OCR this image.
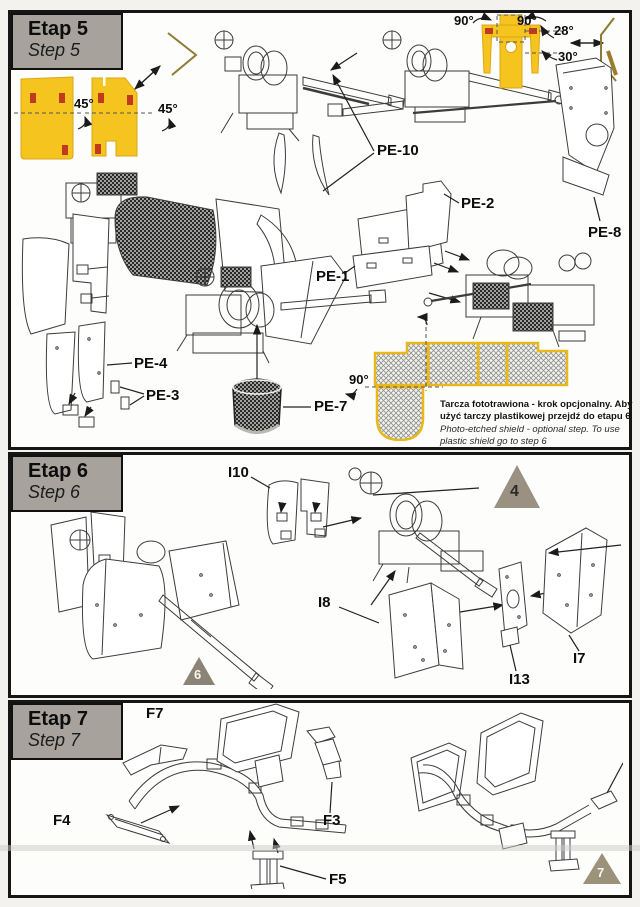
Etap 5
Step 5
45°	45°
90°	90°
28°
30°
90°
PE-10
PE-2
PE-8
PE-1
PE-4
PE-3
PE-7	Tarcza fototrawiona - krok opcjonalny. Aby użyć tarczy plastikowej przejdź do etapu 6
Photo-etched shield - optional step. To use plastic shield go to step 6
Etap 6
Step 6
I10
I8
I13
I7
4
6
Etap 7
Step 7
F7
F4	F3
F5	7
